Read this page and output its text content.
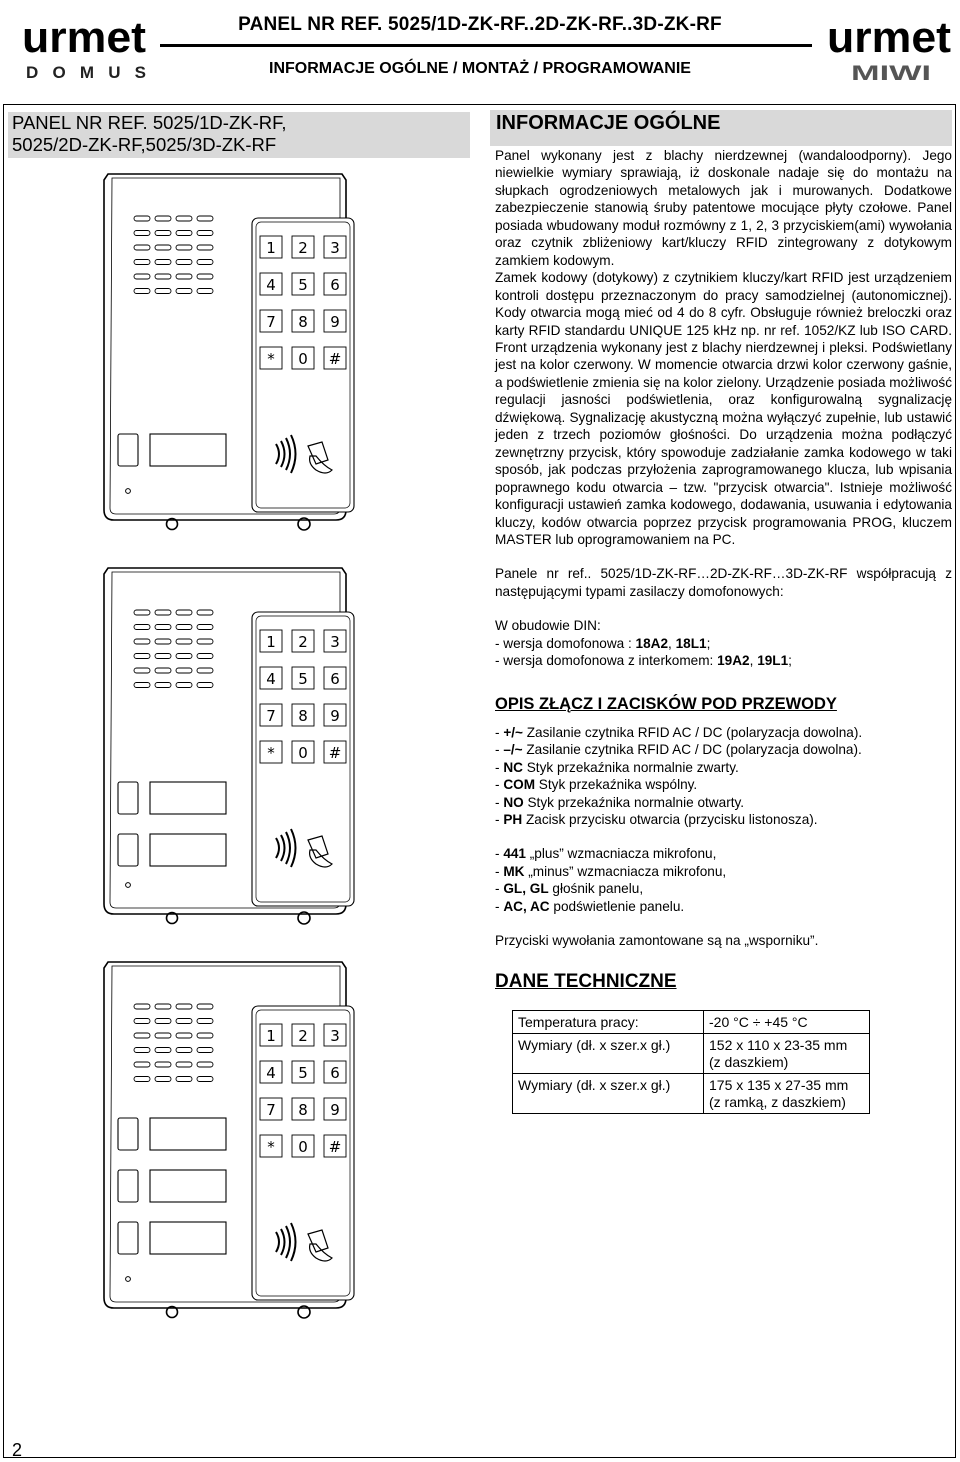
urmet
DOMUS
PANEL NR REF. 5025/1D-ZK-RF..2D-ZK-RF..3D-ZK-RF
INFORMACJE OGÓLNE / MONTAŻ / PROGRAMOWANIE
urmet
MIWI
PANEL NR REF. 5025/1D-ZK-RF,
5025/2D-ZK-RF,5025/3D-ZK-RF
INFORMACJE OGÓLNE
1 2 3
4 5 6
7 8 9
* 0 #
1 2 3
4 5 6
7 8 9
* 0 #
1 2 3
4 5 6
7 8 9
* 0 #

Panel wykonany jest z blachy nierdzewnej (wandaloodporny). Jego niewielkie wymiary sprawiają, iż doskonale nadaje się do montażu na słupkach ogrodzeniowych metalowych jak i murowanych. Dodatkowe zabezpieczenie stanowią śruby patentowe mocujące płyty czołowe. Panel posiada wbudowany moduł rozmówny z 1, 2, 3 przyciskiem(ami) wywołania oraz czytnik zbliżeniowy kart/kluczy RFID zintegrowany z dotykowym zamkiem kodowym.

Zamek kodowy (dotykowy) z czytnikiem kluczy/kart RFID jest urządzeniem kontroli dostępu przeznaczonym do pracy samodzielnej (autonomicznej). Kody otwarcia mogą mieć od 4 do 8 cyfr. Obsługuje również breloczki oraz karty RFID standardu UNIQUE 125 kHz np. nr ref. 1052/KZ lub ISO CARD. Front urządzenia wykonany jest z blachy nierdzewnej i pleksi. Podświetlany jest na kolor czerwony. W momencie otwarcia drzwi kolor czerwony gaśnie, a podświetlenie zmienia się na kolor zielony. Urządzenie posiada możliwość regulacji jasności podświetlenia, oraz konfigurowalną sygnalizację dźwiękową. Sygnalizację akustyczną można wyłączyć zupełnie, lub ustawić jeden z trzech poziomów głośności. Do urządzenia można podłączyć zewnętrzny przycisk, który spowoduje zadziałanie zamka kodowego w taki sposób, jak podczas przyłożenia zaprogramowanego klucza, lub wpisania poprawnego kodu otwarcia – tzw. "przycisk otwarcia". Istnieje możliwość konfiguracji ustawień zamka kodowego, dodawania, usuwania i edytowania kluczy, kodów otwarcia poprzez przycisk programowania PROG, kluczem MASTER lub oprogramowaniem na PC.

Panele nr ref.. 5025/1D-ZK-RF…2D-ZK-RF…3D-ZK-RF współpracują z następującymi typami zasilaczy domofonowych:

W obudowie DIN:

- wersja domofonowa : 18A2, 18L1;

- wersja domofonowa z interkomem: 19A2, 19L1;

OPIS ZŁĄCZ I ZACISKÓW POD PRZEWODY

- +/~ Zasilanie czytnika RFID AC / DC (polaryzacja dowolna).

- –/~ Zasilanie czytnika RFID AC / DC (polaryzacja dowolna).

- NC Styk przekaźnika normalnie zwarty.

- COM Styk przekaźnika wspólny.

- NO Styk przekaźnika normalnie otwarty.

- PH Zacisk przycisku otwarcia (przycisku listonosza).

- 441 „plus” wzmacniacza mikrofonu,

- MK „minus” wzmacniacza mikrofonu,

- GL, GL głośnik panelu,

- AC, AC podświetlenie panelu.

Przyciski wywołania zamontowane są na „wsporniku”.

DANE TECHNICZNE

Temperatura pracy:	-20 °C ÷ +45 °C

Wymiary (dł. x szer.x gł.)	152 x 110 x 23-35 mm
(z daszkiem)

Wymiary (dł. x szer.x gł.)	175 x 135 x 27-35 mm
(z ramką, z daszkiem)
2
